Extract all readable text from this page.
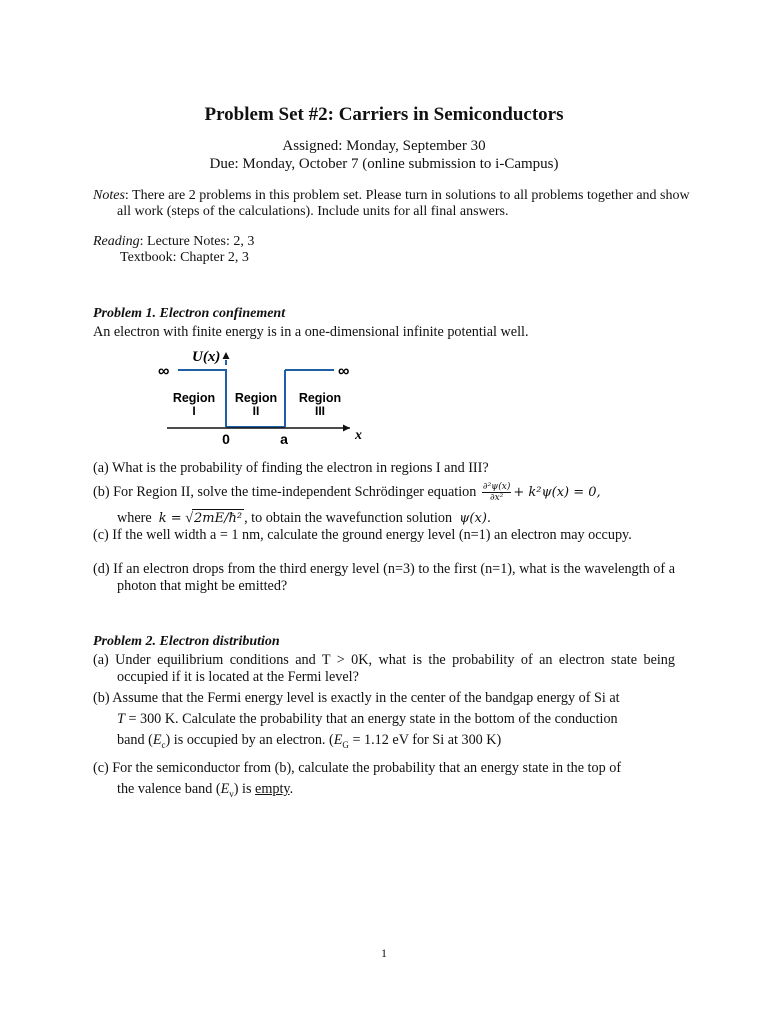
Problem Set #2: Carriers in Semiconductors
Assigned: Monday, September 30
Due: Monday, October 7 (online submission to i-Campus)
Notes: There are 2 problems in this problem set. Please turn in solutions to all problems together and show all work (steps of the calculations). Include units for all final answers.
Reading: Lecture Notes: 2, 3
Textbook: Chapter 2, 3
Problem 1. Electron confinement
An electron with finite energy is in a one-dimensional infinite potential well.
U(x)
∞	∞
Region
I
Region
II
Region
III
0	a	x
(a) What is the probability of finding the electron in regions I and III?
(b) For Region II, solve the time-independent Schrödinger equation $\frac{\text{∂²ψ(x)}}{\text{∂x²}} + k^2\psi(x) = 0$,
where k = √2mE/ħ² , to obtain the wavefunction solution ψ(x).
(c) If the well width a = 1 nm, calculate the ground energy level (n=1) an electron may occupy.
(d) If an electron drops from the third energy level (n=3) to the first (n=1), what is the wavelength of a photon that might be emitted?
Problem 2. Electron distribution
(a) Under equilibrium conditions and T > 0K, what is the probability of an electron state being occupied if it is located at the Fermi level?
(b) Assume that the Fermi energy level is exactly in the center of the bandgap energy of Si at
T = 300 K. Calculate the probability that an energy state in the bottom of the conduction
band $(E_c)$ is occupied by an electron. ($E_G = 1.12$ eV for Si at 300 K)
(c) For the semiconductor from (b), calculate the probability that an energy state in the top of
the valence band $(E_v)$ is empty.
1
